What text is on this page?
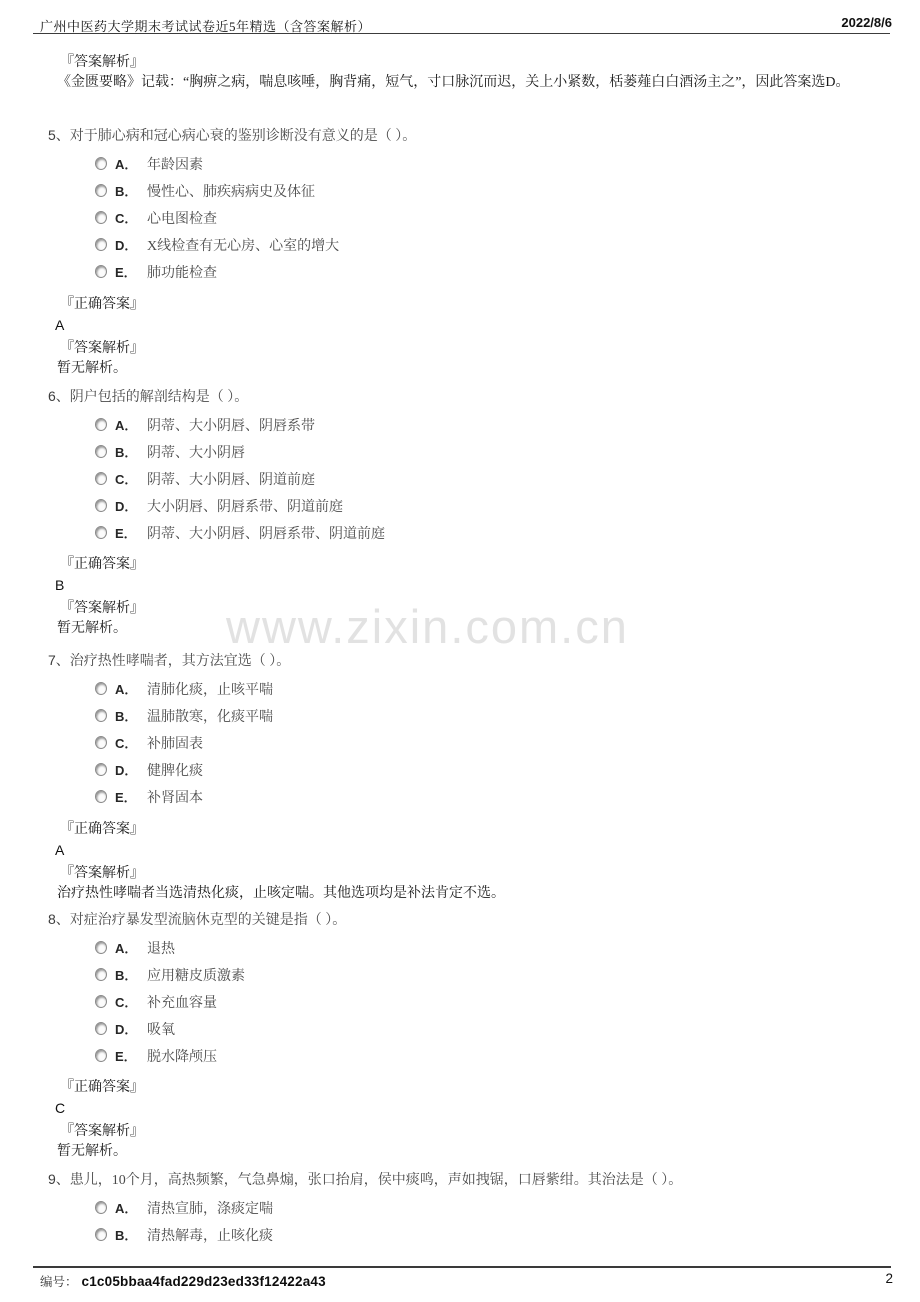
www.zixin.com.cn
广州中医药大学期末考试试卷近5年精选（含答案解析）	2022/8/6
『答案解析』
《金匮要略》记载：“胸痹之病，喘息咳唾，胸背痛，短气，寸口脉沉而迟，关上小紧数，栝蒌薤白白酒汤主之”，因此答案选D。
5、对于肺心病和冠心病心衰的鉴别诊断没有意义的是（ ）。
A． 年龄因素
B． 慢性心、肺疾病病史及体征
C． 心电图检查
D． X线检查有无心房、心室的增大
E． 肺功能检查
『正确答案』
A
『答案解析』
暂无解析。
6、阴户包括的解剖结构是（ ）。
A． 阴蒂、大小阴唇、阴唇系带
B． 阴蒂、大小阴唇
C． 阴蒂、大小阴唇、阴道前庭
D． 大小阴唇、阴唇系带、阴道前庭
E． 阴蒂、大小阴唇、阴唇系带、阴道前庭
『正确答案』
B
『答案解析』
暂无解析。
7、治疗热性哮喘者，其方法宜选（ ）。
A． 清肺化痰，止咳平喘
B． 温肺散寒，化痰平喘
C． 补肺固表
D． 健脾化痰
E． 补肾固本
『正确答案』
A
『答案解析』
治疗热性哮喘者当选清热化痰，止咳定喘。其他选项均是补法肯定不选。
8、对症治疗暴发型流脑休克型的关键是指（ ）。
A． 退热
B． 应用糖皮质激素
C． 补充血容量
D． 吸氧
E． 脱水降颅压
『正确答案』
C
『答案解析』
暂无解析。
9、患儿，10个月，高热频繁，气急鼻煽，张口抬肩，侯中痰鸣，声如拽锯，口唇紫绀。其治法是（ ）。
A． 清热宣肺，涤痰定喘
B． 清热解毒，止咳化痰
编号： c1c05bbaa4fad229d23ed33f12422a43	2
